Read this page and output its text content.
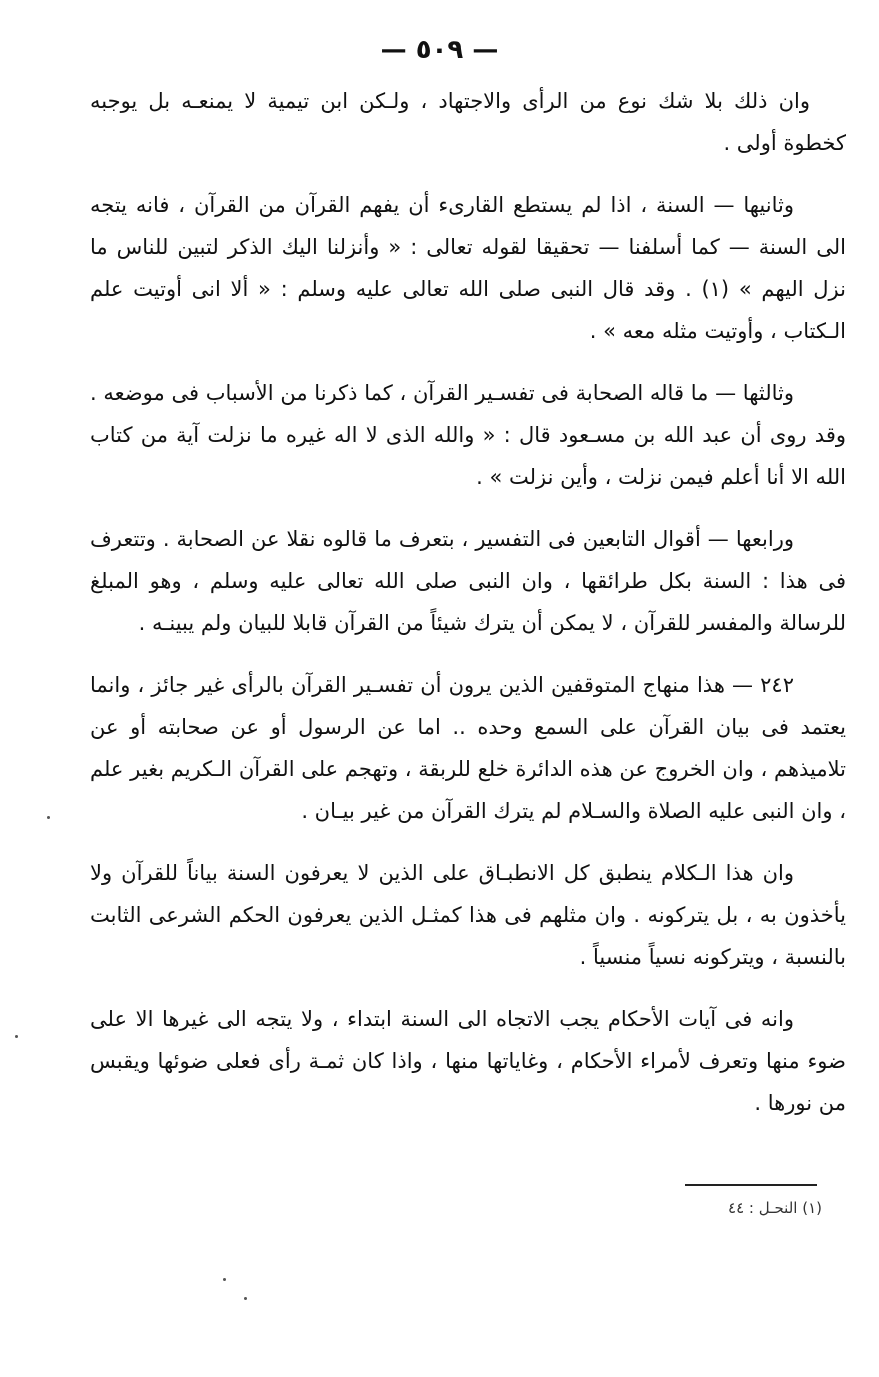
— ٥٠٩ —

وان ذلك بلا شك نوع من الرأى والاجتهاد ، ولـكن ابن تيمية لا يمنعـه بل يوجبه كخطوة أولى .

وثانيها — السنة ، اذا لم يستطع القارىء أن يفهم القرآن من القرآن ، فانه يتجه الى السنة — كما أسلفنا — تحقيقا لقوله تعالى : « وأنزلنا اليك الذكر لتبين للناس ما نزل اليهم » (١) . وقد قال النبى صلى الله تعالى عليه وسلم : « ألا انى أوتيت علم الـكتاب ، وأوتيت مثله معه » .

وثالثها — ما قاله الصحابة فى تفسـير القرآن ، كما ذكرنا من الأسباب فى موضعه . وقد روى أن عبد الله بن مسـعود قال : « والله الذى لا اله غيره ما نزلت آية من كتاب الله الا أنا أعلم فيمن نزلت ، وأين نزلت » .

ورابعها — أقوال التابعين فى التفسير ، بتعرف ما قالوه نقلا عن الصحابة . وتتعرف فى هذا : السنة بكل طرائقها ، وان النبى صلى الله تعالى عليه وسلم ، وهو المبلغ للرسالة والمفسر للقرآن ، لا يمكن أن يترك شيئاً من القرآن قابلا للبيان ولم يبينـه .

٢٤٢ — هذا منهاج المتوقفين الذين يرون أن تفسـير القرآن بالرأى غير جائز ، وانما يعتمد فى بيان القرآن على السمع وحده .. اما عن الرسول أو عن صحابته أو عن تلاميذهم ، وان الخروج عن هذه الدائرة خلع للربقة ، وتهجم على القرآن الـكريم بغير علم ، وان النبى عليه الصلاة والسـلام لم يترك القرآن من غير بيـان .

وان هذا الـكلام ينطبق كل الانطبـاق على الذين لا يعرفون السنة بياناً للقرآن ولا يأخذون به ، بل يتركونه . وان مثلهم فى هذا كمثـل الذين يعرفون الحكم الشرعى الثابت بالنسبة ، ويتركونه نسياً منسياً .

وانه فى آيات الأحكام يجب الاتجاه الى السنة ابتداء ، ولا يتجه الى غيرها الا على ضوء منها وتعرف لأمراء الأحكام ، وغاياتها منها ، واذا كان ثمـة رأى فعلى ضوئها ويقبس من نورها .

(١) النحـل : ٤٤
